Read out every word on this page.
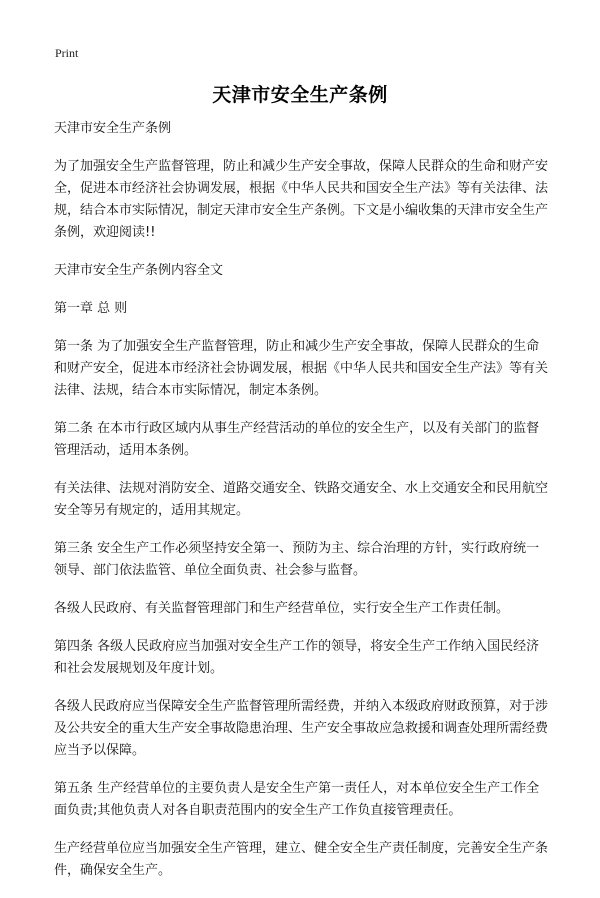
Print
天津市安全生产条例

天津市安全生产条例

为了加强安全生产监督管理，防止和减少生产安全事故，保障人民群众的生命和财产安全，促进本市经济社会协调发展，根据《中华人民共和国安全生产法》等有关法律、法规，结合本市实际情况，制定天津市安全生产条例。下文是小编收集的天津市安全生产条例，欢迎阅读!!

天津市安全生产条例内容全文

第一章 总 则

第一条 为了加强安全生产监督管理，防止和减少生产安全事故，保障人民群众的生命和财产安全，促进本市经济社会协调发展，根据《中华人民共和国安全生产法》等有关法律、法规，结合本市实际情况，制定本条例。

第二条 在本市行政区域内从事生产经营活动的单位的安全生产，以及有关部门的监督管理活动，适用本条例。

有关法律、法规对消防安全、道路交通安全、铁路交通安全、水上交通安全和民用航空安全等另有规定的，适用其规定。

第三条 安全生产工作必须坚持安全第一、预防为主、综合治理的方针，实行政府统一领导、部门依法监管、单位全面负责、社会参与监督。

各级人民政府、有关监督管理部门和生产经营单位，实行安全生产工作责任制。

第四条 各级人民政府应当加强对安全生产工作的领导，将安全生产工作纳入国民经济和社会发展规划及年度计划。

各级人民政府应当保障安全生产监督管理所需经费，并纳入本级政府财政预算，对于涉及公共安全的重大生产安全事故隐患治理、生产安全事故应急救援和调查处理所需经费应当予以保障。

第五条 生产经营单位的主要负责人是安全生产第一责任人，对本单位安全生产工作全面负责;其他负责人对各自职责范围内的安全生产工作负直接管理责任。

生产经营单位应当加强安全生产管理，建立、健全安全生产责任制度，完善安全生产条件，确保安全生产。
